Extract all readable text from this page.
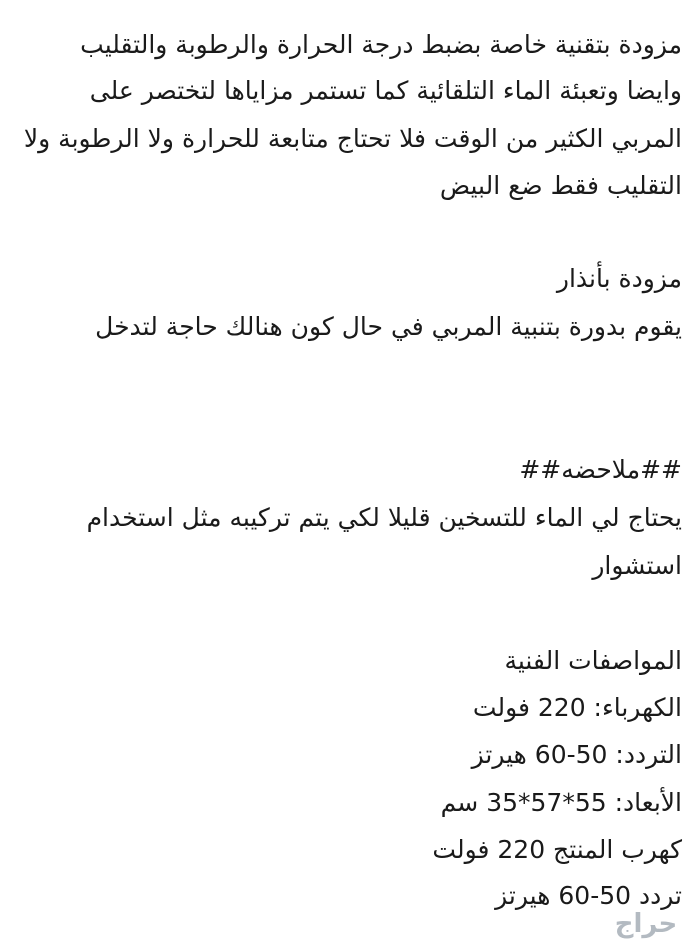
مزودة بتقنية خاصة بضبط درجة الحرارة والرطوبة والتقليب
وايضا وتعبئة الماء التلقائية كما تستمر مزاياها لتختصر على
المربي الكثير من الوقت فلا تحتاج متابعة للحرارة ولا الرطوبة ولا
التقليب فقط ضع البيض
مزودة بأنذار
يقوم بدورة بتنبية المربي في حال كون هنالك حاجة لتدخل
##ملاحضه##
يحتاج لي الماء للتسخين قليلا لكي يتم تركيبه مثل استخدام
استشوار
المواصفات الفنية
الكهرباء: 220 فولت
التردد: 50-60 هيرتز
الأبعاد: 55*57*35 سم
كهرب المنتج 220 فولت
تردد 50-60 هيرتز
حراج
